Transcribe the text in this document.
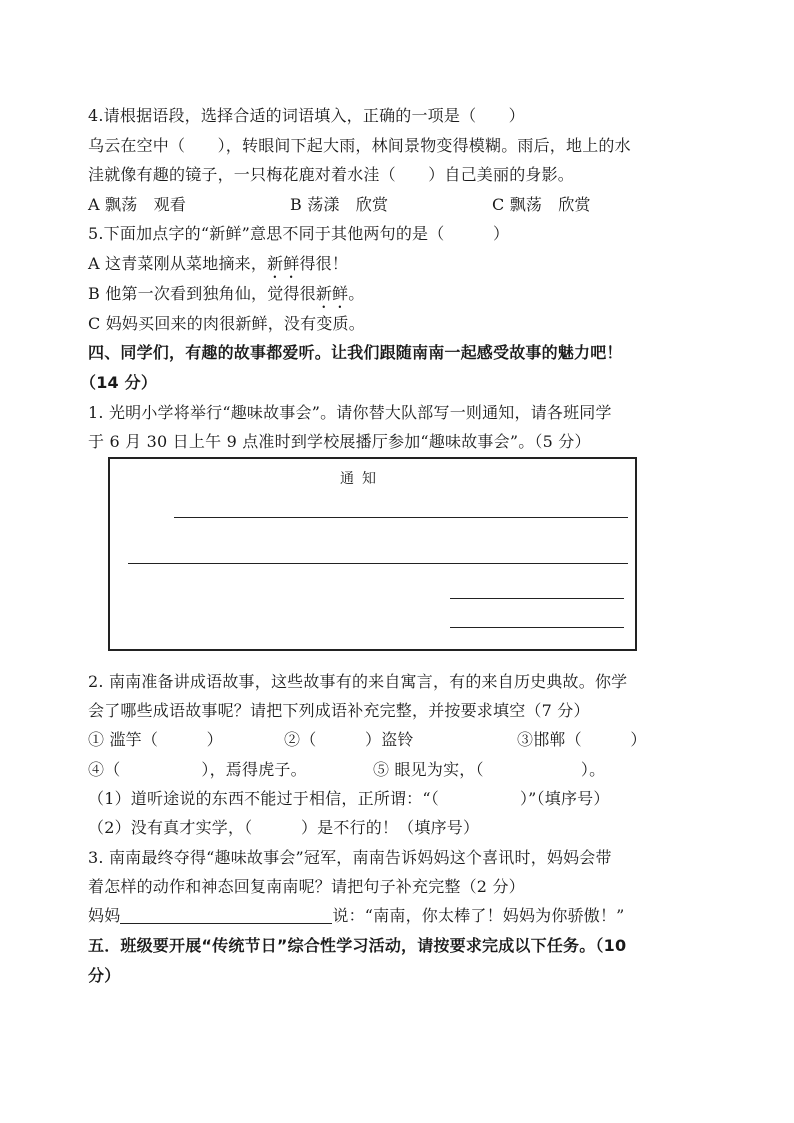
4.请根据语段，选择合适的词语填入，正确的一项是（　　）
乌云在空中（　　），转眼间下起大雨，林间景物变得模糊。雨后，地上的水
洼就像有趣的镜子，一只梅花鹿对着水洼（　　）自己美丽的身影。
A 飘荡　观看	B 荡漾　欣赏	C 飘荡　欣赏
5.下面加点字的“新鲜”意思不同于其他两句的是（　　　）
A 这青菜刚从菜地摘来，新鲜得很！
B 他第一次看到独角仙，觉得很新鲜。
C 妈妈买回来的肉很新鲜，没有变质。
四、同学们，有趣的故事都爱听。让我们跟随南南一起感受故事的魅力吧！
（14 分）
1. 光明小学将举行“趣味故事会”。请你替大队部写一则通知，请各班同学
于 6 月 30 日上午 9 点准时到学校展播厅参加“趣味故事会”。（5 分）
通知
2. 南南准备讲成语故事，这些故事有的来自寓言，有的来自历史典故。你学
会了哪些成语故事呢？请把下列成语补充完整，并按要求填空（7 分）
① 滥竽（　　　）	②（　　　）盗铃	③邯郸（　　　）
④（　　　　　），焉得虎子。	⑤ 眼见为实，（　　　　　　）。
（1）道听途说的东西不能过于相信，正所谓：“（　　　　　）”（填序号）
（2）没有真才实学，（　　　）是不行的！（填序号）
3. 南南最终夺得“趣味故事会”冠军，南南告诉妈妈这个喜讯时，妈妈会带
着怎样的动作和神态回复南南呢？请把句子补充完整（2 分）
妈妈	说：“南南，你太棒了！妈妈为你骄傲！”
五．班级要开展“传统节日”综合性学习活动，请按要求完成以下任务。（10
分）
